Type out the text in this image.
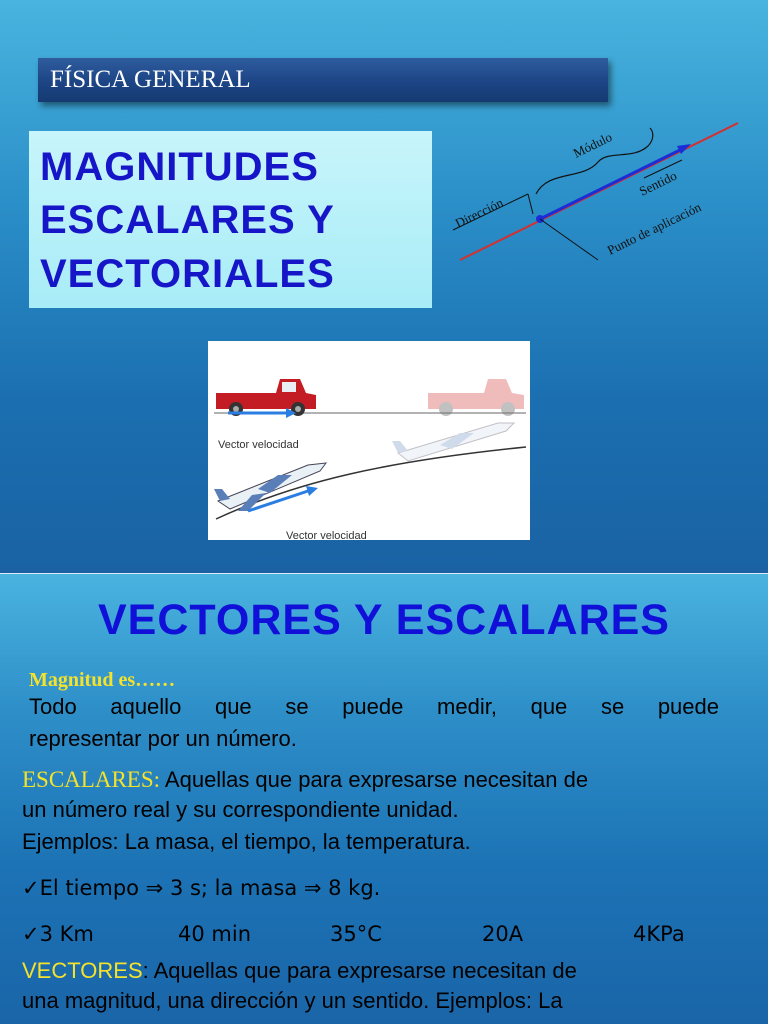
FÍSICA GENERAL
MAGNITUDES
ESCALARES Y
VECTORIALES
Módulo
Dirección
Sentido
Punto de aplicación
Vector velocidad
Vector velocidad
VECTORES Y ESCALARES
Magnitud es……
Todo aquello que se puede medir, que se puede
representar por un número.
ESCALARES: Aquellas que para expresarse necesitan de
un número real y su correspondiente unidad.
Ejemplos: La masa, el tiempo, la temperatura.
✓El tiempo ⇒ 3 s; la masa ⇒ 8 kg.
✓3 Km	40 min	35°C	20A	4KPa
VECTORES: Aquellas que para expresarse necesitan de
una magnitud, una dirección y un sentido. Ejemplos: La
